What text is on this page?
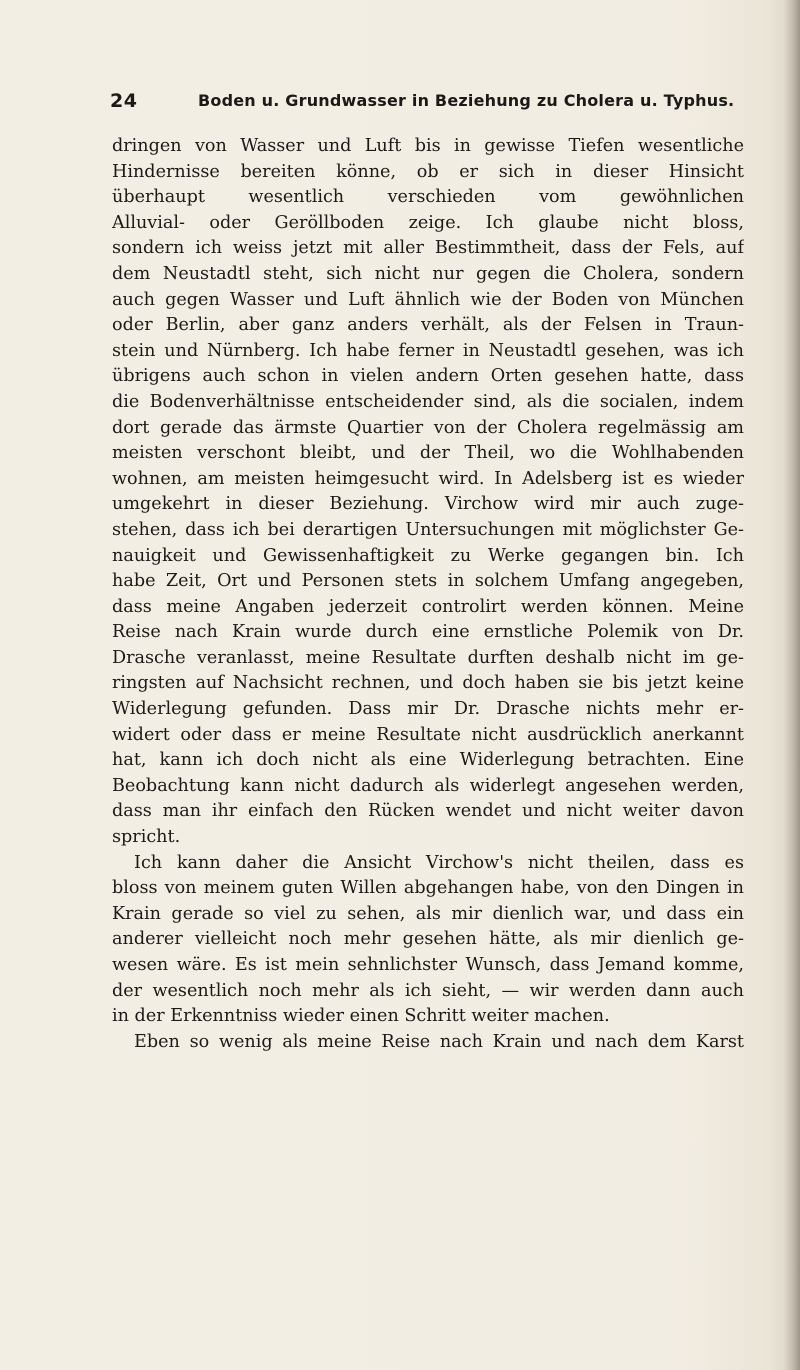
24	Boden u. Grundwasser in Beziehung zu Cholera u. Typhus.
dringen von Wasser und Luft bis in gewisse Tiefen wesentliche
Hindernisse bereiten könne, ob er sich in dieser Hinsicht
überhaupt wesentlich verschieden vom gewöhnlichen
Alluvial- oder Geröllboden zeige. Ich glaube nicht bloss,
sondern ich weiss jetzt mit aller Bestimmtheit, dass der Fels, auf
dem Neustadtl steht, sich nicht nur gegen die Cholera, sondern
auch gegen Wasser und Luft ähnlich wie der Boden von München
oder Berlin, aber ganz anders verhält, als der Felsen in Traun-
stein und Nürnberg. Ich habe ferner in Neustadtl gesehen, was ich
übrigens auch schon in vielen andern Orten gesehen hatte, dass
die Bodenverhältnisse entscheidender sind, als die socialen, indem
dort gerade das ärmste Quartier von der Cholera regelmässig am
meisten verschont bleibt, und der Theil, wo die Wohlhabenden
wohnen, am meisten heimgesucht wird. In Adelsberg ist es wieder
umgekehrt in dieser Beziehung. Virchow wird mir auch zuge-
stehen, dass ich bei derartigen Untersuchungen mit möglichster Ge-
nauigkeit und Gewissenhaftigkeit zu Werke gegangen bin. Ich
habe Zeit, Ort und Personen stets in solchem Umfang angegeben,
dass meine Angaben jederzeit controlirt werden können. Meine
Reise nach Krain wurde durch eine ernstliche Polemik von Dr.
Drasche veranlasst, meine Resultate durften deshalb nicht im ge-
ringsten auf Nachsicht rechnen, und doch haben sie bis jetzt keine
Widerlegung gefunden. Dass mir Dr. Drasche nichts mehr er-
widert oder dass er meine Resultate nicht ausdrücklich anerkannt
hat, kann ich doch nicht als eine Widerlegung betrachten. Eine
Beobachtung kann nicht dadurch als widerlegt angesehen werden,
dass man ihr einfach den Rücken wendet und nicht weiter davon
spricht.
Ich kann daher die Ansicht Virchow's nicht theilen, dass es
bloss von meinem guten Willen abgehangen habe, von den Dingen in
Krain gerade so viel zu sehen, als mir dienlich war, und dass ein
anderer vielleicht noch mehr gesehen hätte, als mir dienlich ge-
wesen wäre. Es ist mein sehnlichster Wunsch, dass Jemand komme,
der wesentlich noch mehr als ich sieht, — wir werden dann auch
in der Erkenntniss wieder einen Schritt weiter machen.
Eben so wenig als meine Reise nach Krain und nach dem Karst
